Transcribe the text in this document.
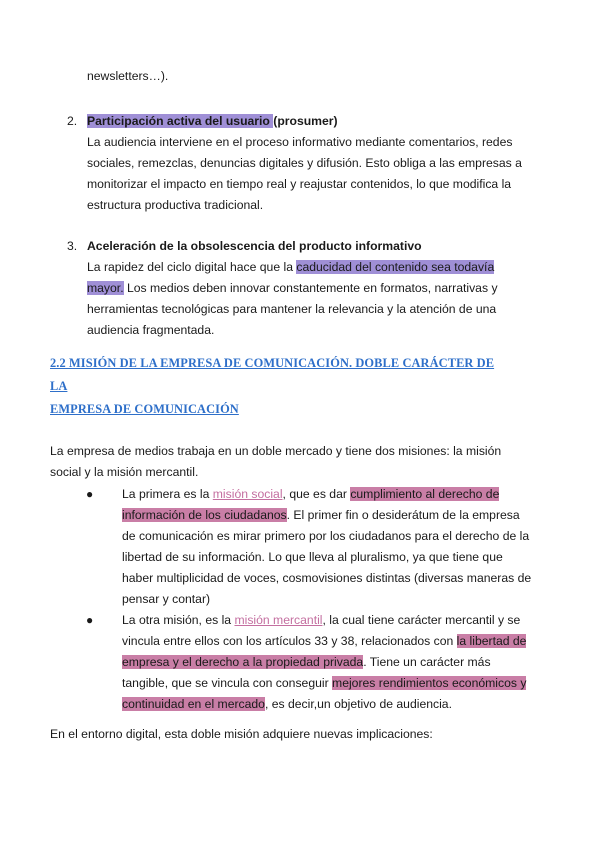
newsletters…).
2. Participación activa del usuario (prosumer)
La audiencia interviene en el proceso informativo mediante comentarios, redes
sociales, remezclas, denuncias digitales y difusión. Esto obliga a las empresas a
monitorizar el impacto en tiempo real y reajustar contenidos, lo que modifica la
estructura productiva tradicional.
3. Aceleración de la obsolescencia del producto informativo
La rapidez del ciclo digital hace que la caducidad del contenido sea todavía
mayor. Los medios deben innovar constantemente en formatos, narrativas y
herramientas tecnológicas para mantener la relevancia y la atención de una
audiencia fragmentada.
2.2 MISIÓN DE LA EMPRESA DE COMUNICACIÓN. DOBLE CARÁCTER DE
LA
EMPRESA DE COMUNICACIÓN
La empresa de medios trabaja en un doble mercado y tiene dos misiones: la misión
social y la misión mercantil.
● La primera es la misión social, que es dar cumplimiento al derecho de
información de los ciudadanos. El primer fin o desiderátum de la empresa
de comunicación es mirar primero por los ciudadanos para el derecho de la
libertad de su información. Lo que lleva al pluralismo, ya que tiene que
haber multiplicidad de voces, cosmovisiones distintas (diversas maneras de
pensar y contar)
● La otra misión, es la misión mercantil, la cual tiene carácter mercantil y se
vincula entre ellos con los artículos 33 y 38, relacionados con la libertad de
empresa y el derecho a la propiedad privada. Tiene un carácter más
tangible, que se vincula con conseguir mejores rendimientos económicos y
continuidad en el mercado, es decir,un objetivo de audiencia.
En el entorno digital, esta doble misión adquiere nuevas implicaciones:
